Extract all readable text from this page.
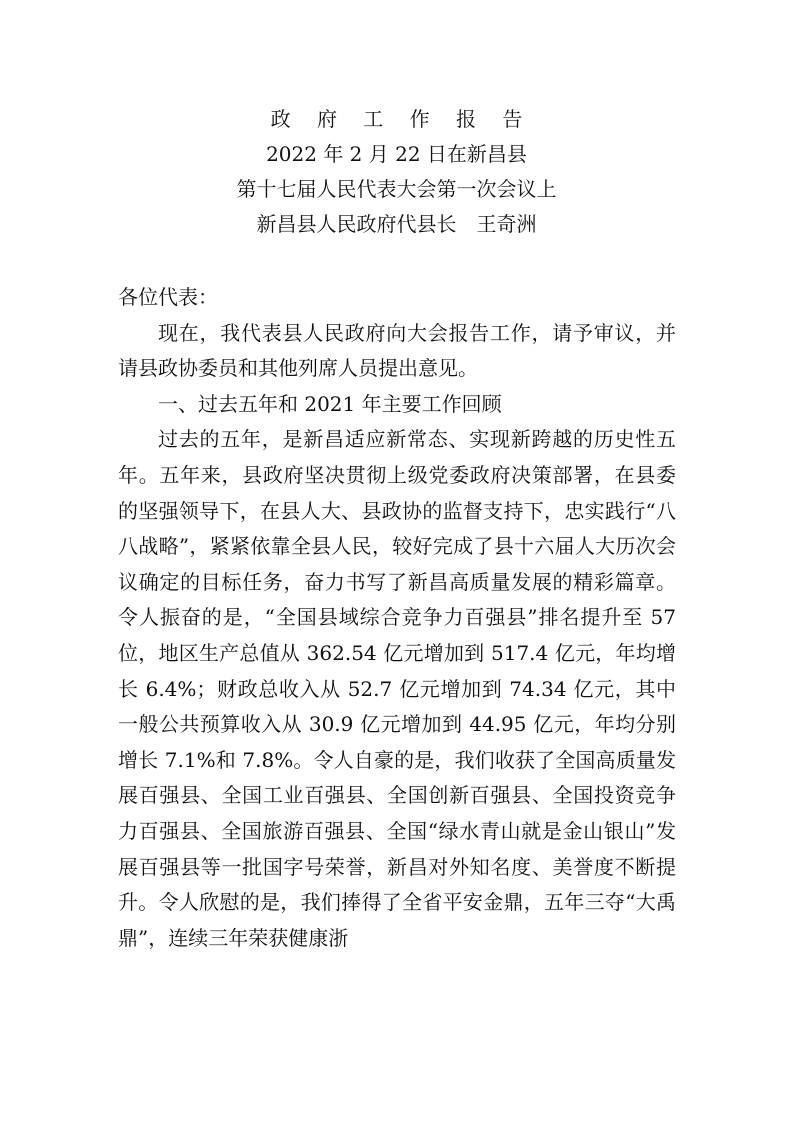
政 府 工 作 报 告
2022 年 2 月 22 日在新昌县
第十七届人民代表大会第一次会议上
新昌县人民政府代县长　王奇洲

各位代表：

现在，我代表县人民政府向大会报告工作，请予审议，并请县政协委员和其他列席人员提出意见。

一、过去五年和 2021 年主要工作回顾

过去的五年，是新昌适应新常态、实现新跨越的历史性五年。五年来，县政府坚决贯彻上级党委政府决策部署，在县委的坚强领导下，在县人大、县政协的监督支持下，忠实践行“八八战略”，紧紧依靠全县人民，较好完成了县十六届人大历次会议确定的目标任务，奋力书写了新昌高质量发展的精彩篇章。令人振奋的是，“全国县域综合竞争力百强县”排名提升至 57 位，地区生产总值从 362.54 亿元增加到 517.4 亿元，年均增长 6.4%；财政总收入从 52.7 亿元增加到 74.34 亿元，其中一般公共预算收入从 30.9 亿元增加到 44.95 亿元，年均分别增长 7.1%和 7.8%。令人自豪的是，我们收获了全国高质量发展百强县、全国工业百强县、全国创新百强县、全国投资竞争力百强县、全国旅游百强县、全国“绿水青山就是金山银山”发展百强县等一批国字号荣誉，新昌对外知名度、美誉度不断提升。令人欣慰的是，我们捧得了全省平安金鼎，五年三夺“大禹鼎”，连续三年荣获健康浙
